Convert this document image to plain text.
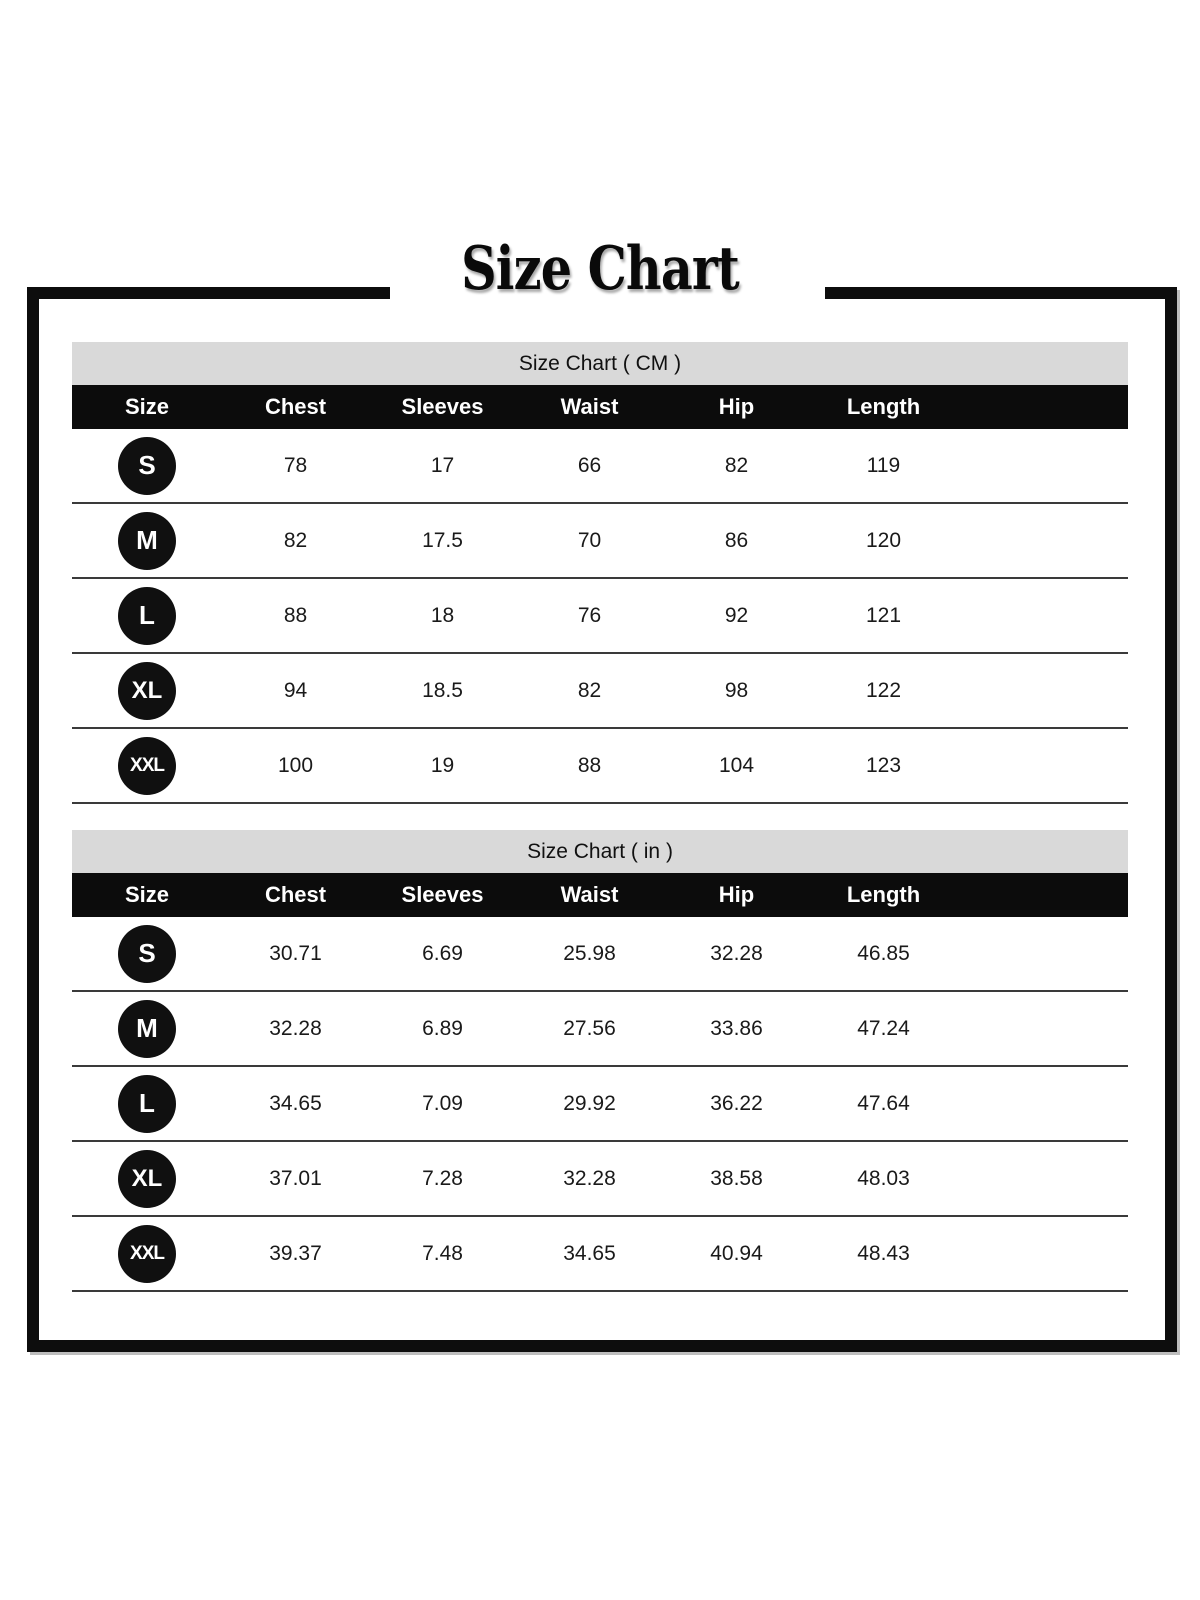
Size Chart
Size Chart ( CM )
Size	Chest	Sleeves	Waist	Hip	Length
S	78	17	66	82	119
M	82	17.5	70	86	120
L	88	18	76	92	121
XL	94	18.5	82	98	122
XXL	100	19	88	104	123
Size Chart ( in )
Size	Chest	Sleeves	Waist	Hip	Length
S	30.71	6.69	25.98	32.28	46.85
M	32.28	6.89	27.56	33.86	47.24
L	34.65	7.09	29.92	36.22	47.64
XL	37.01	7.28	32.28	38.58	48.03
XXL	39.37	7.48	34.65	40.94	48.43
